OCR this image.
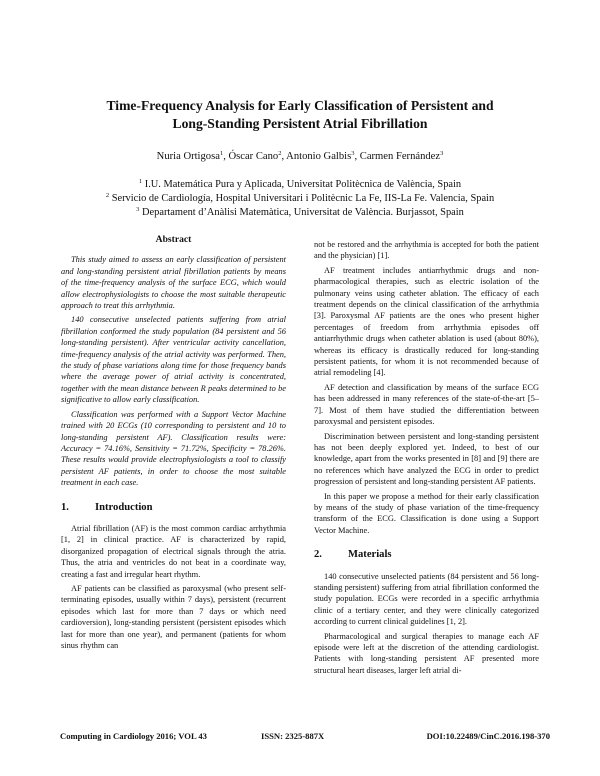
Time-Frequency Analysis for Early Classification of Persistent and
Long-Standing Persistent Atrial Fibrillation
Nuria Ortigosa$^1$, Óscar Cano$^2$, Antonio Galbis$^3$, Carmen Fernández$^3$
$^1$ I.U. Matemática Pura y Aplicada, Universitat Politècnica de València, Spain
$^2$ Servicio de Cardiología, Hospital Universitari i Politècnic La Fe, IIS-La Fe. Valencia, Spain
$^3$ Departament d’Anàlisi Matemàtica, Universitat de València. Burjassot, Spain
Abstract

This study aimed to assess an early classification of persistent and long-standing persistent atrial fibrillation patients by means of the time-frequency analysis of the surface ECG, which would allow electrophysiologists to choose the most suitable therapeutic approach to treat this arrhythmia.

140 consecutive unselected patients suffering from atrial fibrillation conformed the study population (84 persistent and 56 long-standing persistent). After ventricular activity cancellation, time-frequency analysis of the atrial activity was performed. Then, the study of phase variations along time for those frequency bands where the average power of atrial activity is concentrated, together with the mean distance between R peaks determined to be significative to allow early classification.

Classification was performed with a Support Vector Machine trained with 20 ECGs (10 corresponding to persistent and 10 to long-standing persistent AF). Classification results were: Accuracy = 74.16%, Sensitivity = 71.72%, Specificity = 78.26%. These results would provide electrophysiologists a tool to classify persistent AF patients, in order to choose the most suitable treatment in each case.

1.	Introduction

Atrial fibrillation (AF) is the most common cardiac arrhythmia [1, 2] in clinical practice. AF is characterized by rapid, disorganized propagation of electrical signals through the atria. Thus, the atria and ventricles do not beat in a coordinate way, creating a fast and irregular heart rhythm.

AF patients can be classified as paroxysmal (who present self-terminating episodes, usually within 7 days), persistent (recurrent episodes which last for more than 7 days or which need cardioversion), long-standing persistent (persistent episodes which last for more than one year), and permanent (patients for whom sinus rhythm can

not be restored and the arrhythmia is accepted for both the patient and the physician) [1].

AF treatment includes antiarrhythmic drugs and non-pharmacological therapies, such as electric isolation of the pulmonary veins using catheter ablation. The efficacy of each treatment depends on the clinical classification of the arrhythmia [3]. Paroxysmal AF patients are the ones who present higher percentages of freedom from arrhythmia episodes off antiarrhythmic drugs when catheter ablation is used (about 80%), whereas its efficacy is drastically reduced for long-standing persistent patients, for whom it is not recommended because of atrial remodeling [4].

AF detection and classification by means of the surface ECG has been addressed in many references of the state-of-the-art [5–7]. Most of them have studied the differentiation between paroxysmal and persistent episodes.

Discrimination between persistent and long-standing persistent has not been deeply explored yet. Indeed, to best of our knowledge, apart from the works presented in [8] and [9] there are no references which have analyzed the ECG in order to predict progression of persistent and long-standing persistent AF patients.

In this paper we propose a method for their early classification by means of the study of phase variation of the time-frequency transform of the ECG. Classification is done using a Support Vector Machine.

2.	Materials

140 consecutive unselected patients (84 persistent and 56 long-standing persistent) suffering from atrial fibrillation conformed the study population. ECGs were recorded in a specific arrhythmia clinic of a tertiary center, and they were clinically categorized according to current clinical guidelines [1, 2].

Pharmacological and surgical therapies to manage each AF episode were left at the discretion of the attending cardiologist. Patients with long-standing persistent AF presented more structural heart diseases, larger left atrial di-

Computing in Cardiology 2016; VOL 43	ISSN: 2325-887X	DOI:10.22489/CinC.2016.198-370
